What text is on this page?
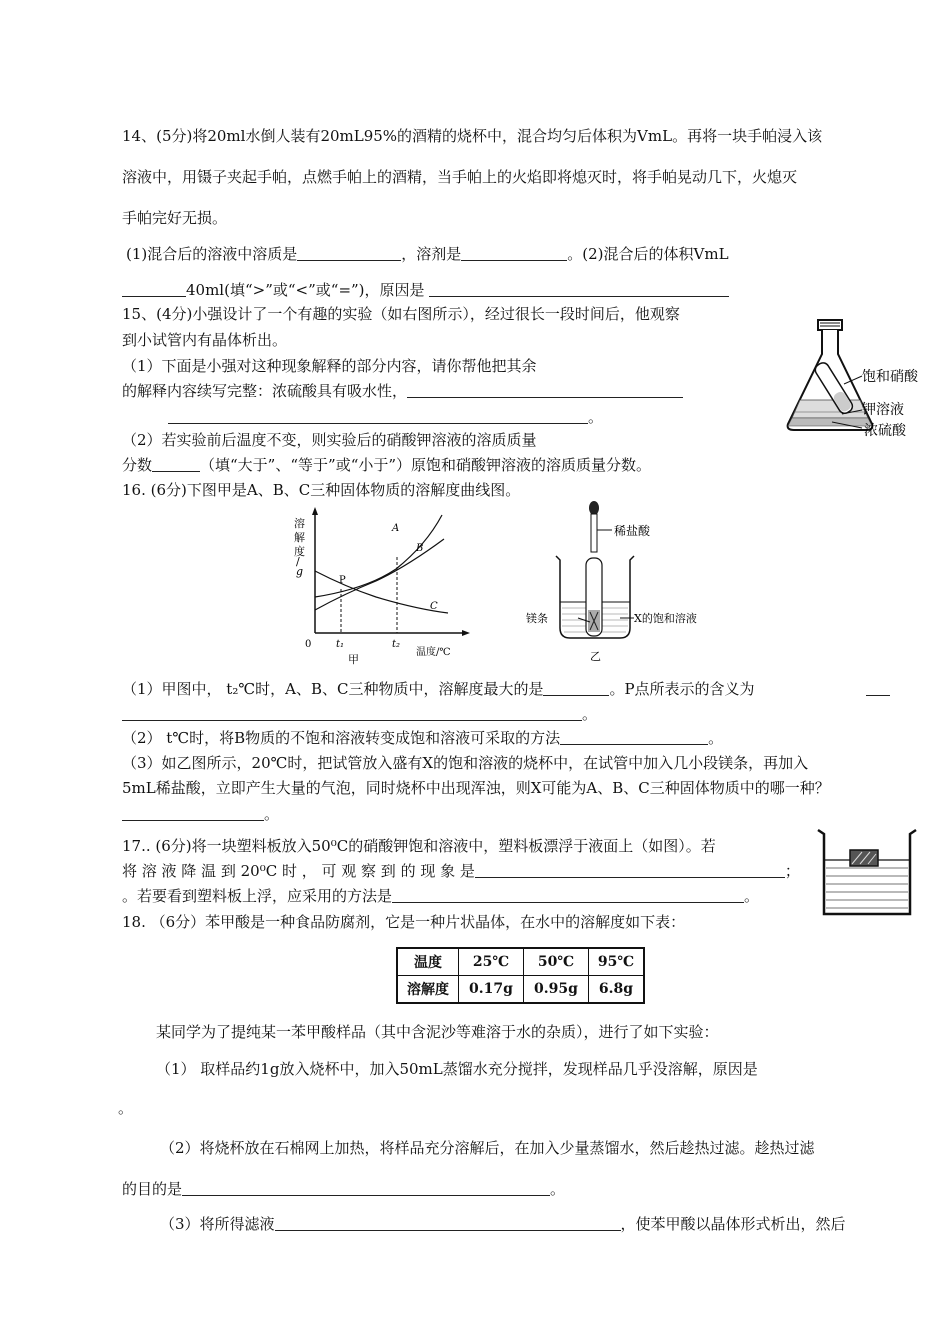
14、(5分)将20ml水倒人装有20mL95%的酒精的烧杯中，混合均匀后体积为VmL。再将一块手帕浸入该
溶液中，用镊子夹起手帕，点燃手帕上的酒精，当手帕上的火焰即将熄灭时，将手帕晃动几下，火熄灭
手帕完好无损。
(1)混合后的溶液中溶质是	，溶剂是	。(2)混合后的体积VmL
40ml(填“>”或“<”或“=”)，原因是
15、(4分)小强设计了一个有趣的实验（如右图所示），经过很长一段时间后，他观察
到小试管内有晶体析出。
（1）下面是小强对这种现象解释的部分内容，请你帮他把其余
的解释内容续写完整：浓硫酸具有吸水性，
。
（2）若实验前后温度不变，则实验后的硝酸钾溶液的溶质质量
分数	（填“大于”、“等于”或“小于”）原饱和硝酸钾溶液的溶质质量分数。
饱和硝酸
钾溶液
浓硫酸
16. (6分)下图甲是A、B、C三种固体物质的溶解度曲线图。
溶
解
度
/
g
0 t₁	t₂
温度/℃
P
A
B
C
甲
稀盐酸
镁条	X的饱和溶液
乙
（1）甲图中， t₂℃时，A、B、C三种物质中，溶解度最大的是	。P点所表示的含义为
。
（2） t℃时，将B物质的不饱和溶液转变成饱和溶液可采取的方法	。
（3）如乙图所示，20℃时，把试管放入盛有X的饱和溶液的烧杯中，在试管中加入几小段镁条，再加入
5mL稀盐酸，立即产生大量的气泡，同时烧杯中出现浑浊，则X可能为A、B、C三种固体物质中的哪一种？
。
17.. (6分)将一块塑料板放入50⁰C的硝酸钾饱和溶液中，塑料板漂浮于液面上（如图）。若
将 溶 液 降 温 到 20⁰C 时 ， 可 观 察 到 的 现 象 是	；
。若要看到塑料板上浮，应采用的方法是	。
18. （6分）苯甲酸是一种食品防腐剂，它是一种片状晶体，在水中的溶解度如下表：
温度	25℃	50℃	95℃
溶解度	0.17g	0.95g	6.8g
某同学为了提纯某一苯甲酸样品（其中含泥沙等难溶于水的杂质），进行了如下实验：
（1） 取样品约1g放入烧杯中，加入50mL蒸馏水充分搅拌，发现样品几乎没溶解，原因是
。
（2）将烧杯放在石棉网上加热，将样品充分溶解后，在加入少量蒸馏水，然后趁热过滤。趁热过滤
的目的是	。
（3）将所得滤液	，使苯甲酸以晶体形式析出，然后
